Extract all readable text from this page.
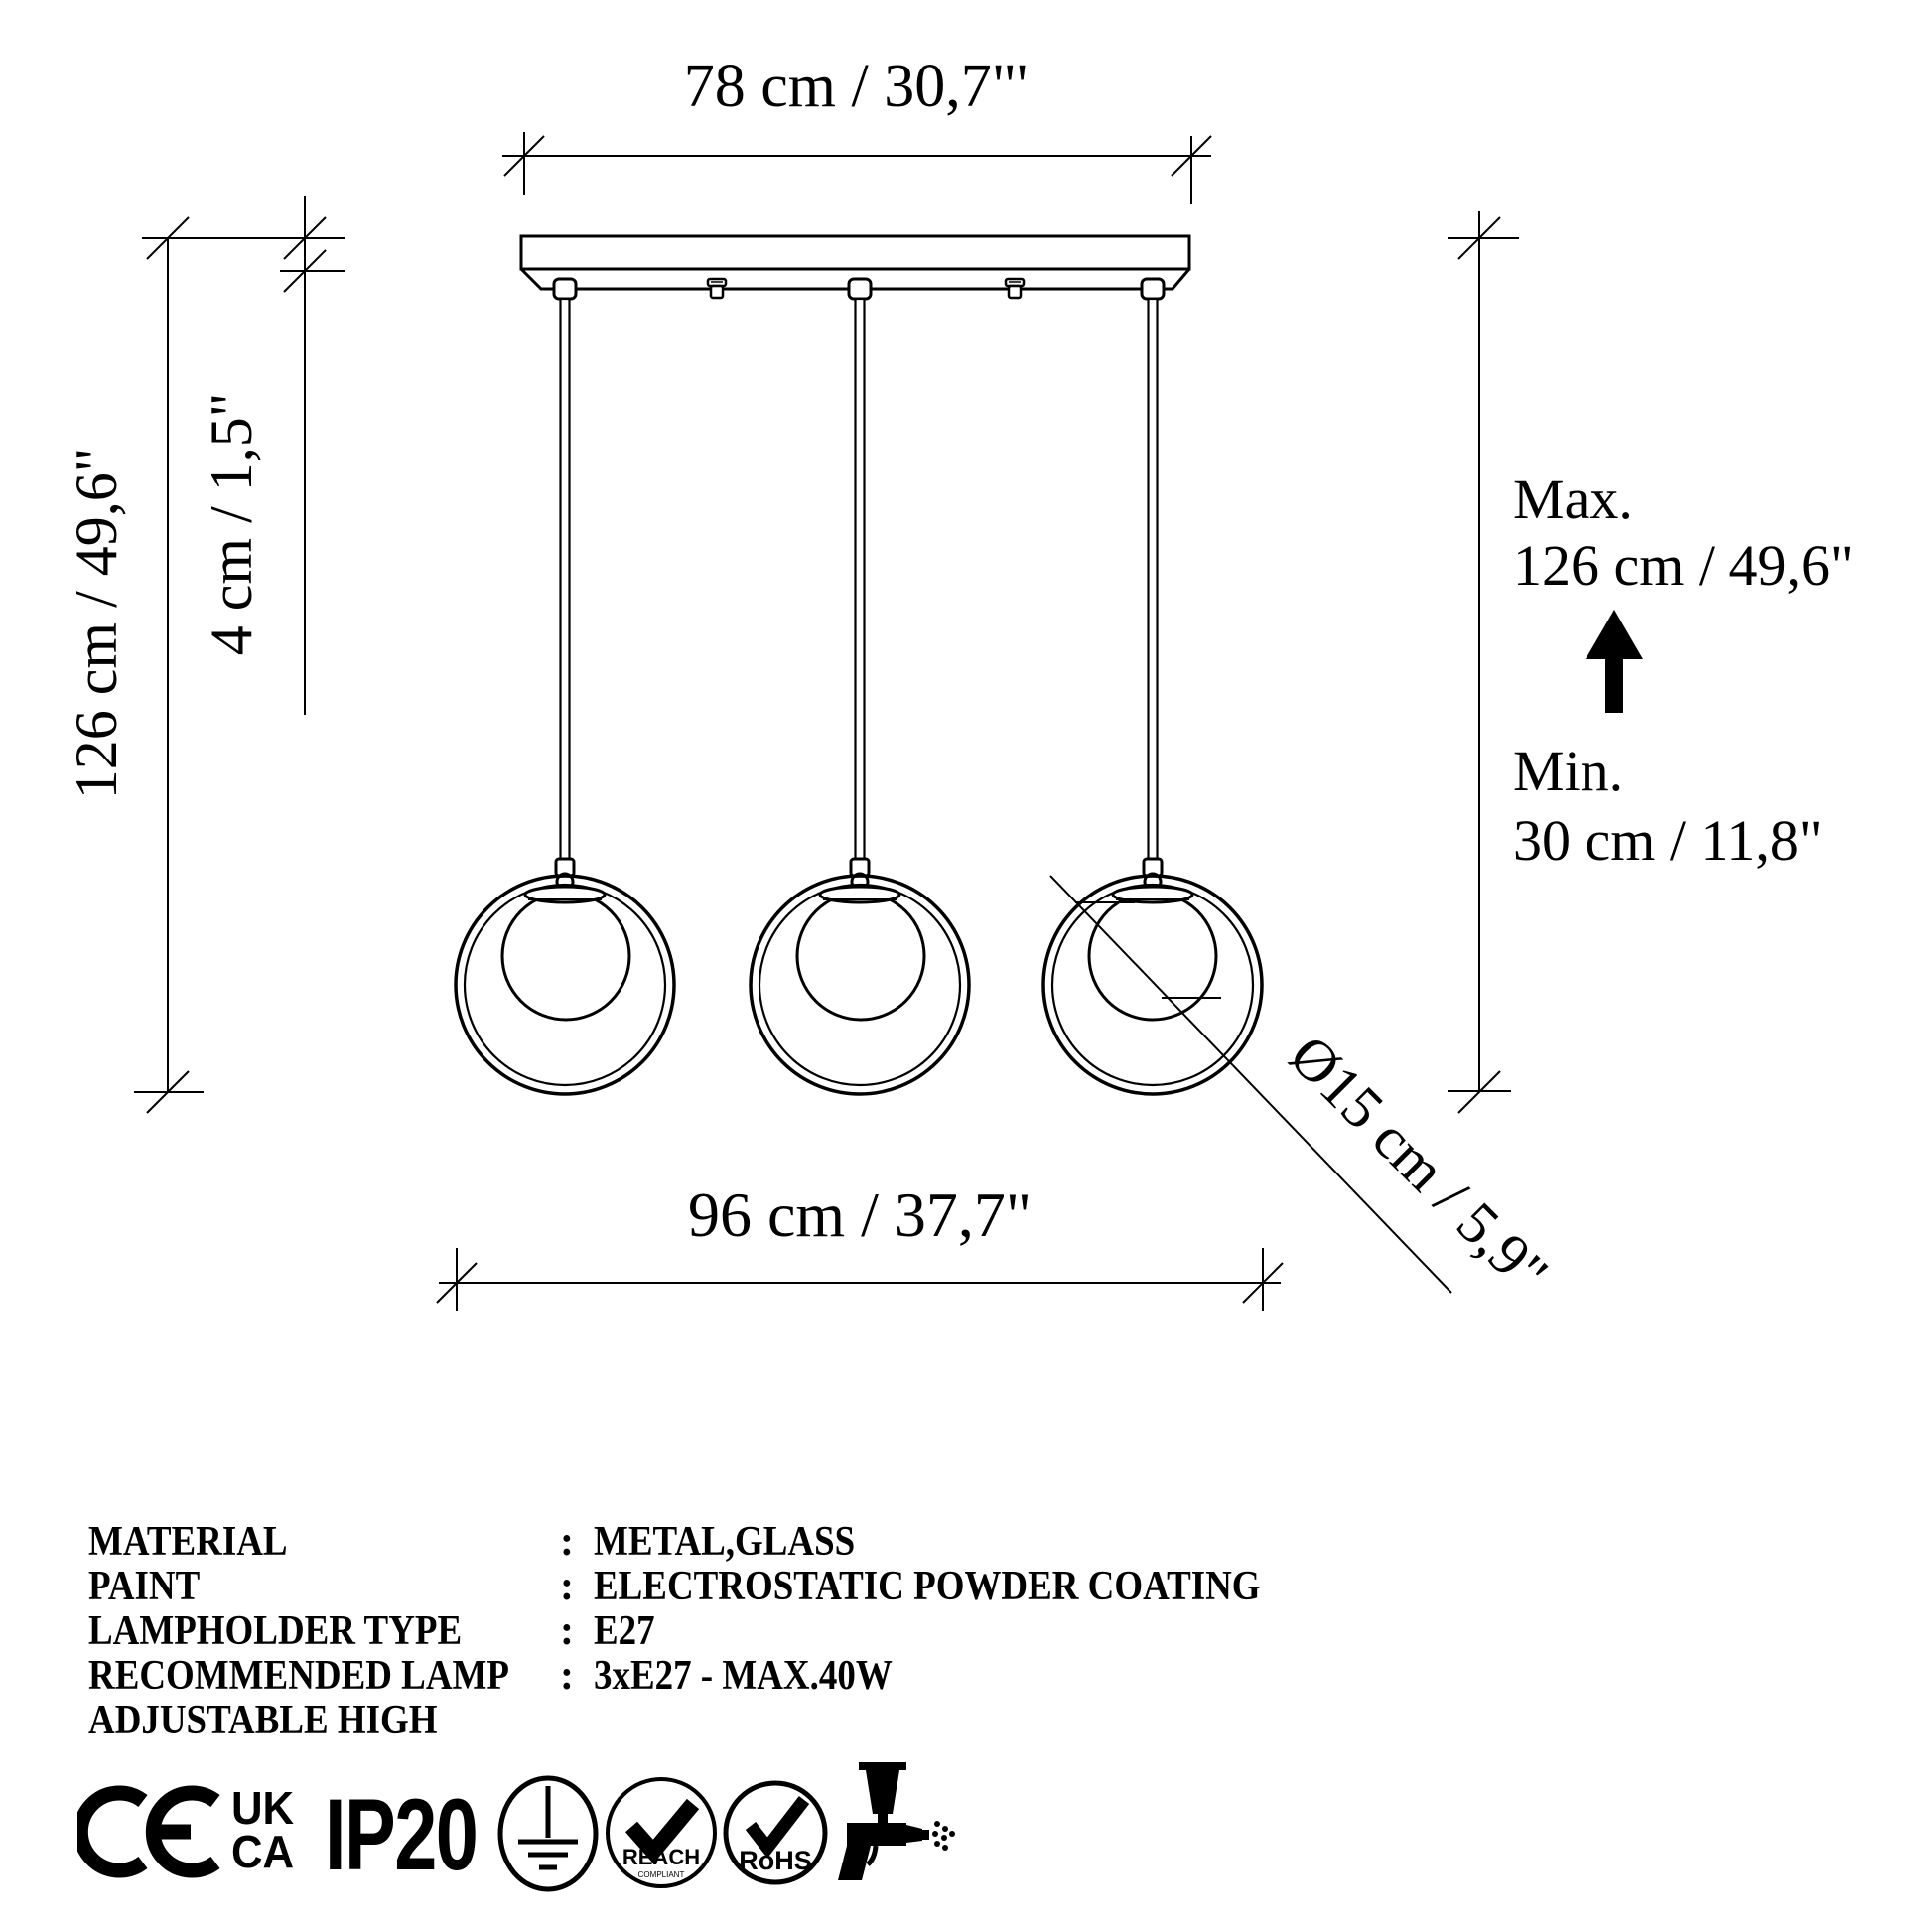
78 cm / 30,7"'
126 cm / 49,6" 4 cm / 1,5"	Max.
126 cm / 49,6"
Min.
30 cm / 11,8"
96 cm / 37,7"	Ø15 cm / 5,9"
MATERIAL	: METAL,GLASS
PAINT	: ELECTROSTATIC POWDER COATING
LAMPHOLDER TYPE	: E27
RECOMMENDED LAMP : 3xE27 - MAX.40W
ADJUSTABLE HIGH
UK
CA IP20	REACH
COMPLIANT RoHS
